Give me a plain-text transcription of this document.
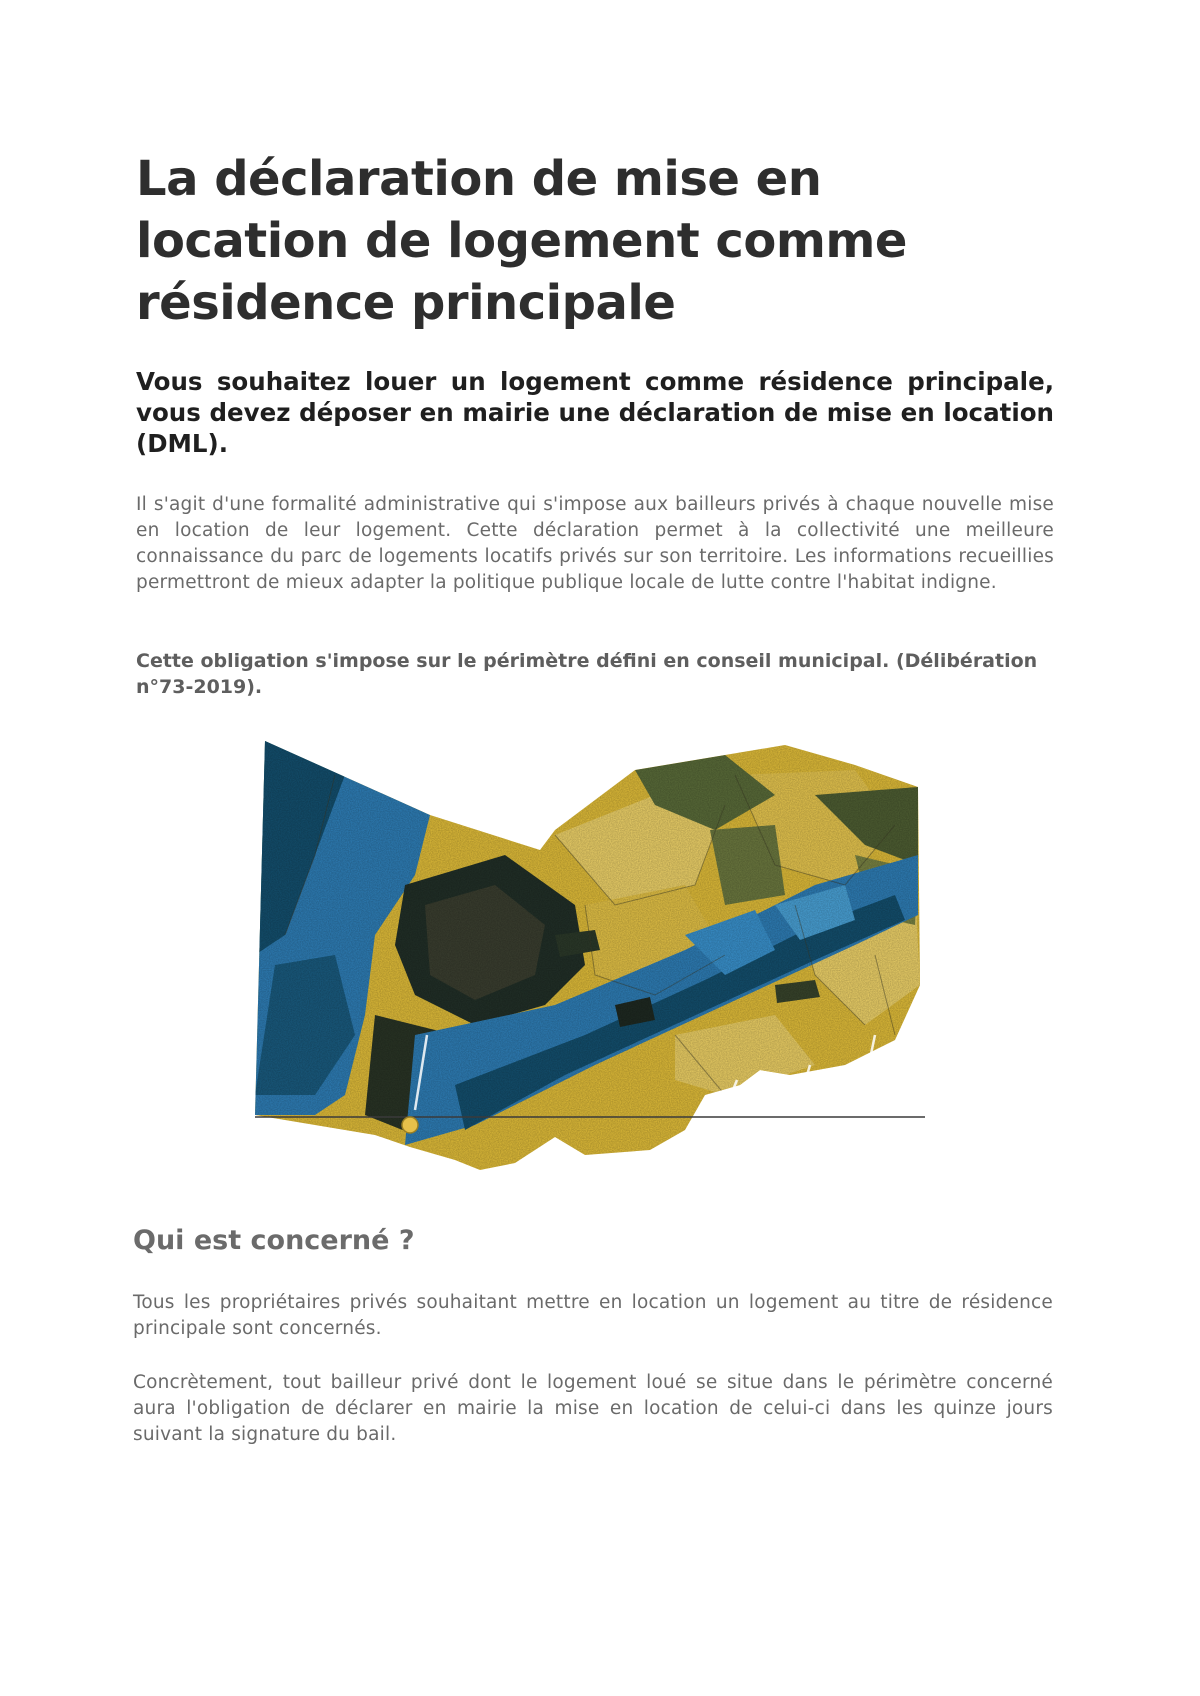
La déclaration de mise en location de logement comme résidence principale

Vous souhaitez louer un logement comme résidence principale, vous devez déposer en mairie une déclaration de mise en location (DML).

Il s'agit d'une formalité administrative qui s'impose aux bailleurs privés à chaque nouvelle mise en location de leur logement. Cette déclaration permet à la collectivité une meilleure connaissance du parc de logements locatifs privés sur son territoire. Les informations recueillies permettront de mieux adapter la politique publique locale de lutte contre l'habitat indigne.

Cette obligation s'impose sur le périmètre défini en conseil municipal. (Délibération n°73-2019).

Qui est concerné ?

Tous les propriétaires privés souhaitant mettre en location un logement au titre de résidence principale sont concernés.

Concrètement, tout bailleur privé dont le logement loué se situe dans le périmètre concerné aura l'obligation de déclarer en mairie la mise en location de celui-ci dans les quinze jours suivant la signature du bail.
